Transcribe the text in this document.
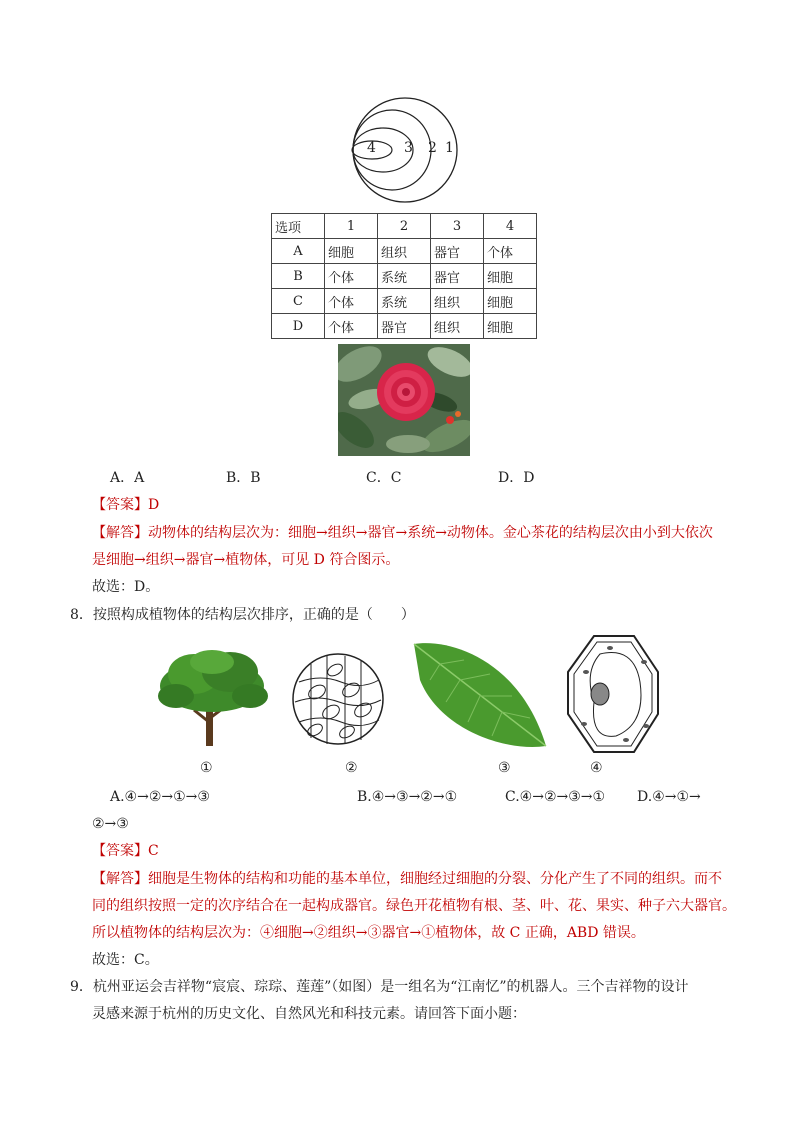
4 3 2 1
选项	1	2	3	4
A	细胞	组织	器官	个体
B	个体	系统	器官	细胞
C	个体	系统	组织	细胞
D	个体	器官	组织	细胞
A．A	B．B	C．C	D．D
【答案】D
【解答】动物体的结构层次为：细胞→组织→器官→系统→动物体。金心茶花的结构层次由小到大依次
是细胞→组织→器官→植物体，可见 D 符合图示。
故选：D。
8．按照构成植物体的结构层次排序，正确的是（　　）
①	②	③	④
A.④→②→①→③	B.④→③→②→①	C.④→②→③→① D.④→①→
②→③
【答案】C
【解答】细胞是生物体的结构和功能的基本单位，细胞经过细胞的分裂、分化产生了不同的组织。而不
同的组织按照一定的次序结合在一起构成器官。绿色开花植物有根、茎、叶、花、果实、种子六大器官。
所以植物体的结构层次为：④细胞→②组织→③器官→①植物体，故 C 正确，ABD 错误。
故选：C。
9．杭州亚运会吉祥物“宸宸、琮琮、莲莲”（如图）是一组名为“江南忆”的机器人。三个吉祥物的设计
灵感来源于杭州的历史文化、自然风光和科技元素。请回答下面小题：
